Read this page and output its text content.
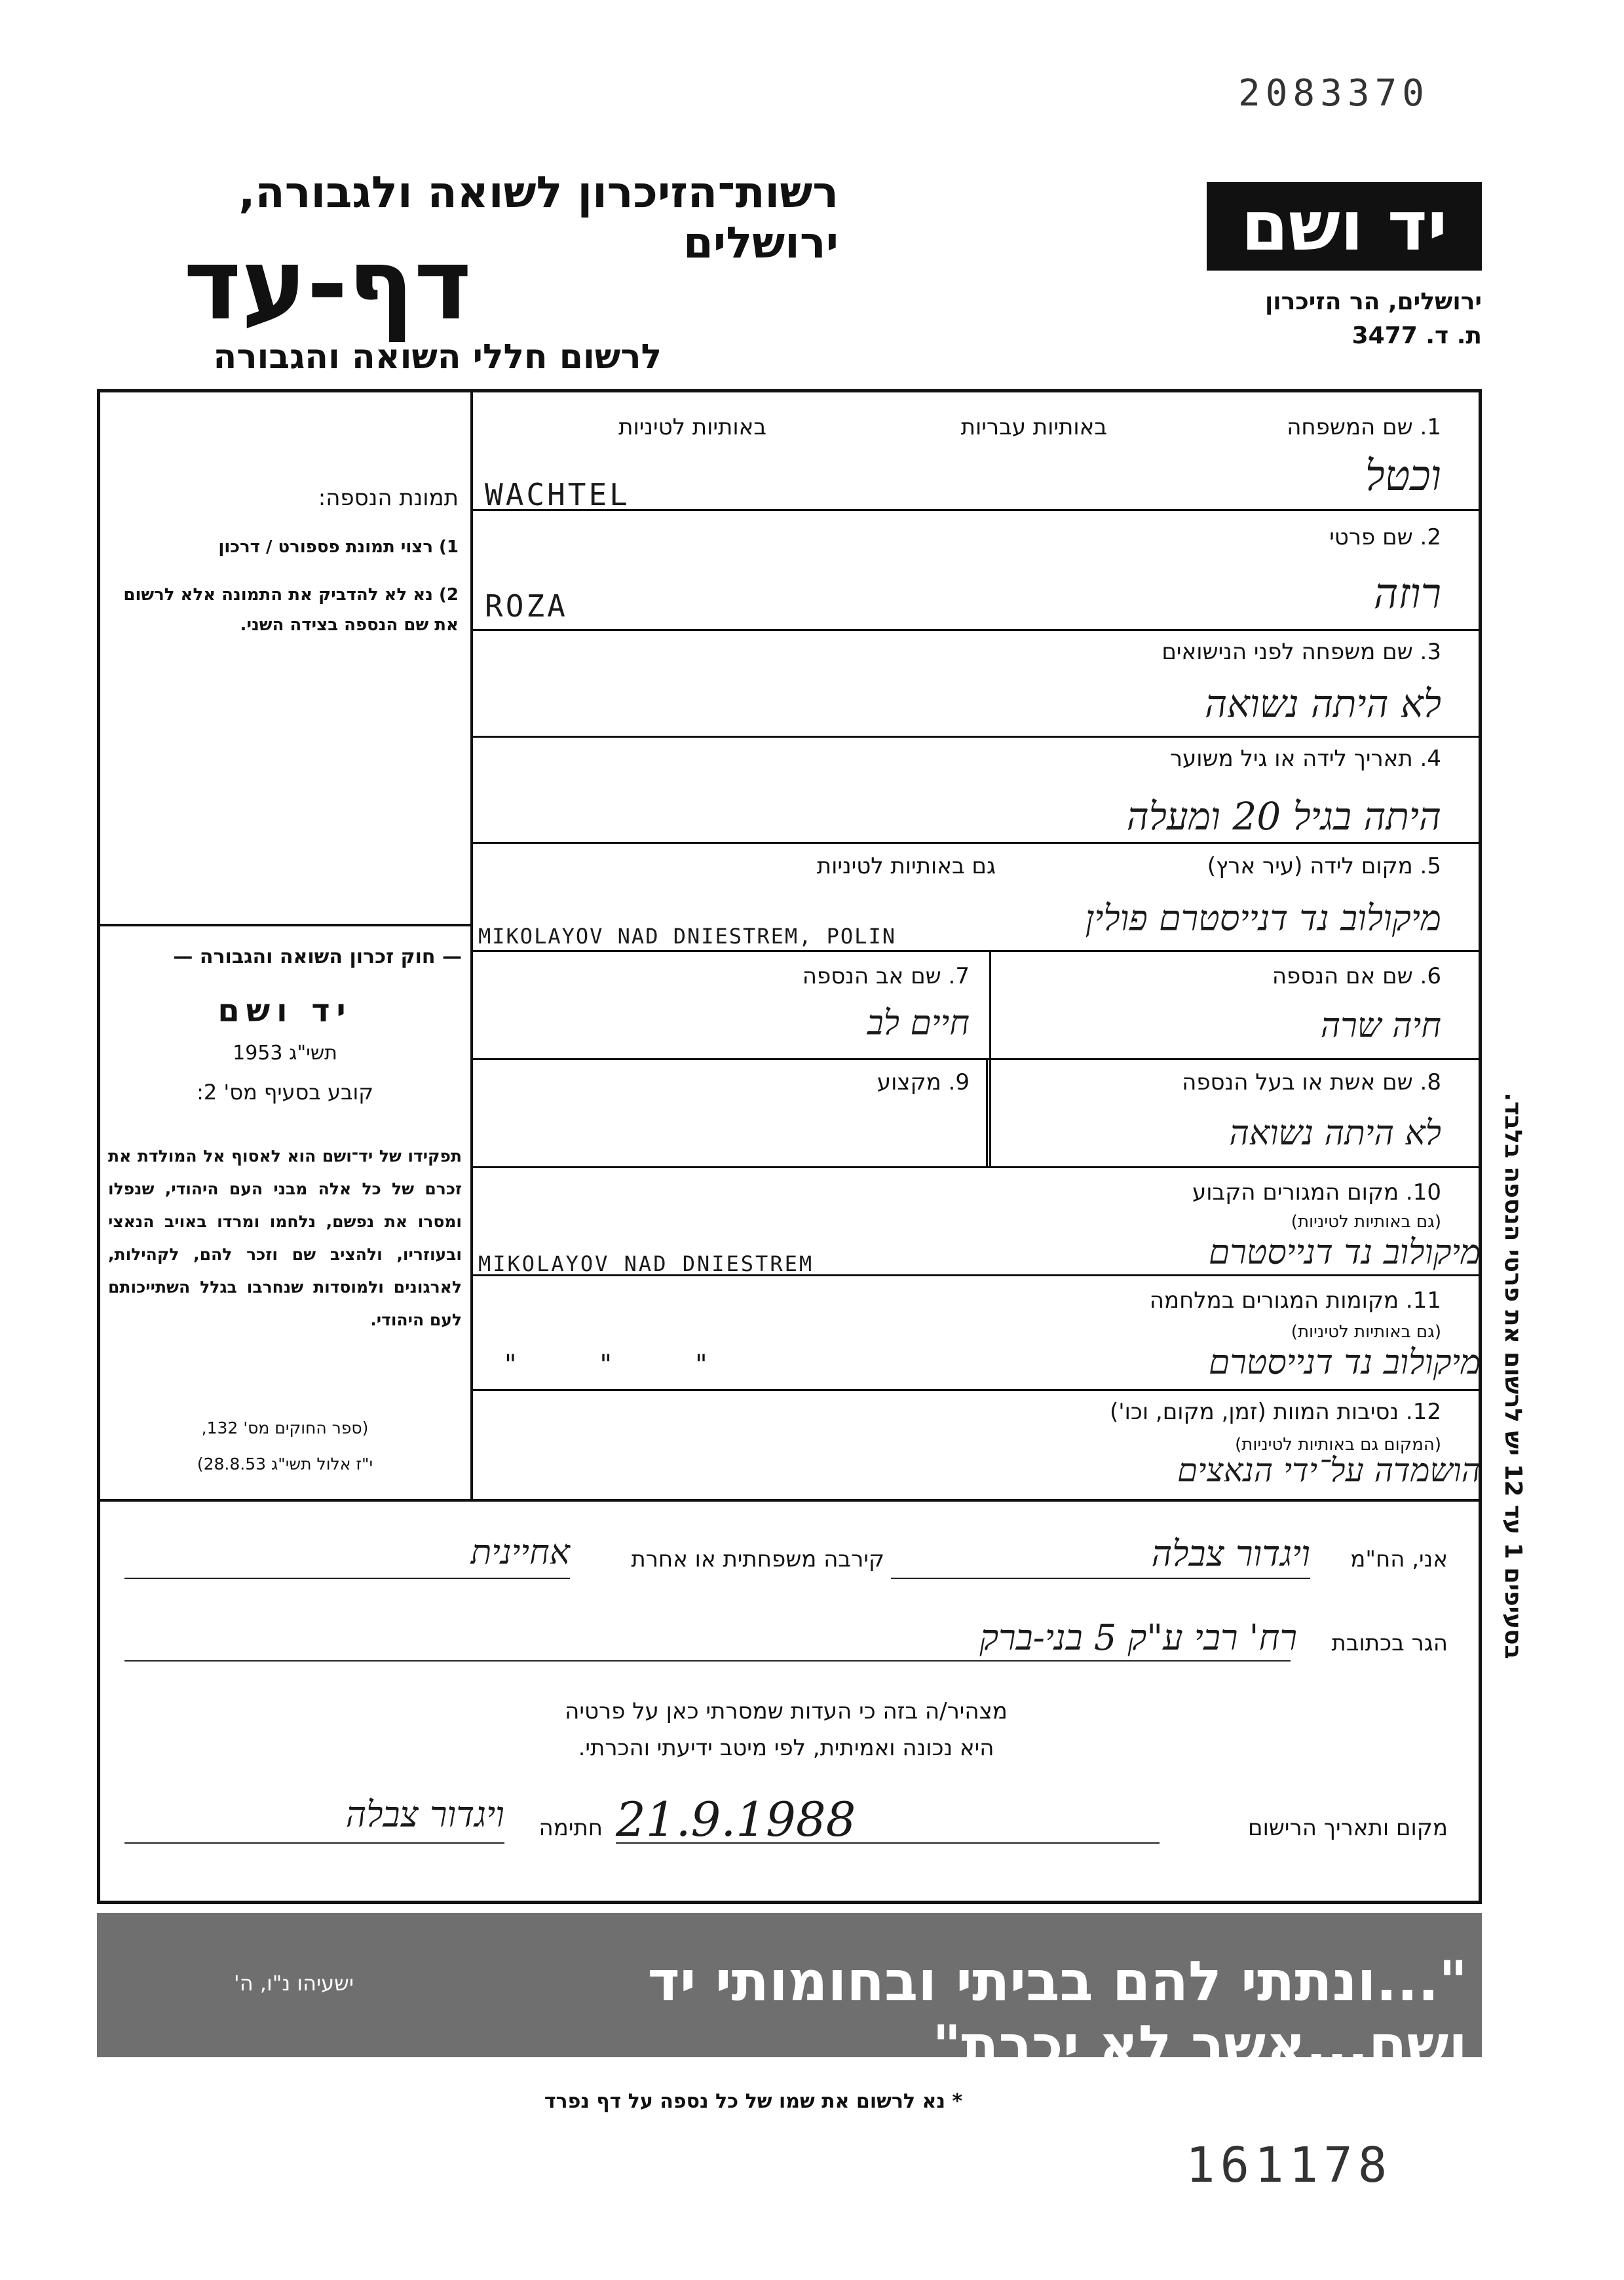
2083370
רשות־הזיכרון לשואה ולגבורה, ירושלים
דף-עד
לרשום חללי השואה והגבורה
יד ושם
ירושלים, הר הזיכרון
ת. ד. 3477
תמונת הנספה:
1) רצוי תמונת פספורט / דרכון
2) נא לא להדביק את התמונה אלא לרשום את שם הנספה בצידה השני.
— חוק זכרון השואה והגבורה —
יד ושם
תשי"ג 1953
קובע בסעיף מס' 2:
תפקידו של יד־ושם הוא לאסוף אל המולדת את זכרם של כל אלה מבני העם היהודי, שנפלו ומסרו את נפשם, נלחמו ומרדו באויב הנאצי ובעוזריו, ולהציב שם וזכר להם, לקהילות, לארגונים ולמוסדות שנחרבו בגלל השתייכותם לעם היהודי.
(ספר החוקים מס' 132,
י"ז אלול תשי"ג 28.8.53)
בסעיפים 1 עד 12 יש לרשום את פרטי הנספה בלבד.
1. שם המשפחה
באותיות עבריות
באותיות לטיניות
וכטל
WACHTEL
2. שם פרטי
רוזה
ROZA
3. שם משפחה לפני הנישואים
לא היתה נשואה
4. תאריך לידה או גיל משוער
היתה בגיל 20 ומעלה
5. מקום לידה (עיר ארץ)
גם באותיות לטיניות
מיקולוב נד דנייסטרם פולין
MIKOLAYOV NAD DNIESTREM, POLIN
6. שם אם הנספה
חיה שרה
7. שם אב הנספה
חיים לב
8. שם אשת או בעל הנספה
לא היתה נשואה
9. מקצוע
10. מקום המגורים הקבוע
(גם באותיות לטיניות)
מיקולוב נד דנייסטרם
MIKOLAYOV NAD DNIESTREM
11. מקומות המגורים במלחמה
(גם באותיות לטיניות)
מיקולוב נד דנייסטרם
"          "          "
12. נסיבות המוות (זמן, מקום, וכו')
(המקום גם באותיות לטיניות)
הושמדה על־ידי הנאצים
אני, הח"מ
ויגדור צבלה
קירבה משפחתית או אחרת
אחיינית
הגר בכתובת
רח' רבי ע"ק 5 בני-ברק
מצהיר/ה בזה כי העדות שמסרתי כאן על פרטיה
היא נכונה ואמיתית, לפי מיטב ידיעתי והכרתי.
מקום ותאריך הרישום
21.9.1988
חתימה
ויגדור צבלה
"...ונתתי להם בביתי ובחומותי יד ושם...אשר לא יכרת"
ישעיהו נ"ו, ה'
* נא לרשום את שמו של כל נספה על דף נפרד
161178
